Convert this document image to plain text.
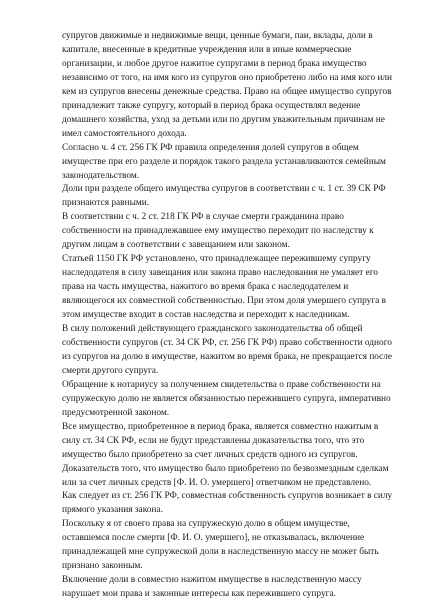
супругов движимые и недвижимые вещи, ценные бумаги, паи, вклады, доли в
капитале, внесенные в кредитные учреждения или в иные коммерческие
организации, и любое другое нажитое супругами в период брака имущество
независимо от того, на имя кого из супругов оно приобретено либо на имя кого или
кем из супругов внесены денежные средства. Право на общее имущество супругов
принадлежит также супругу, который в период брака осуществлял ведение
домашнего хозяйства, уход за детьми или по другим уважительным причинам не
имел самостоятельного дохода.

Согласно ч. 4 ст. 256 ГК РФ правила определения долей супругов в общем
имуществе при его разделе и порядок такого раздела устанавливаются семейным
законодательством.

Доли при разделе общего имущества супругов в соответствии с ч. 1 ст. 39 СК РФ
признаются равными.

В соответствии с ч. 2 ст. 218 ГК РФ в случае смерти гражданина право
собственности на принадлежавшее ему имущество переходит по наследству к
другим лицам в соответствии с завещанием или законом.

Статьей 1150 ГК РФ установлено, что принадлежащее пережившему супругу
наследодателя в силу завещания или закона право наследования не умаляет его
права на часть имущества, нажитого во время брака с наследодателем и
являющегося их совместной собственностью. При этом доля умершего супруга в
этом имуществе входит в состав наследства и переходит к наследникам.

В силу положений действующего гражданского законодательства об общей
собственности супругов (ст. 34 СК РФ, ст. 256 ГК РФ) право собственности одного
из супругов на долю в имуществе, нажитом во время брака, не прекращается после
смерти другого супруга.

Обращение к нотариусу за получением свидетельства о праве собственности на
супружескую долю не является обязанностью пережившего супруга, императивно
предусмотренной законом.

Все имущество, приобретенное в период брака, является совместно нажитым в
силу ст. 34 СК РФ, если не будут представлены доказательства того, что это
имущество было приобретено за счет личных средств одного из супругов.
Доказательств того, что имущество было приобретено по безвозмездным сделкам
или за счет личных средств [Ф. И. О. умершего] ответчиком не представлено.

Как следует из ст. 256 ГК РФ, совместная собственность супругов возникает в силу
прямого указания закона.

Поскольку я от своего права на супружескую долю в общем имуществе,
оставшемся после смерти [Ф. И. О. умершего], не отказывалась, включение
принадлежащей мне супружеской доли в наследственную массу не может быть
признано законным.

Включение доли в совместно нажитом имуществе в наследственную массу
нарушает мои права и законные интересы как пережившего супруга.
